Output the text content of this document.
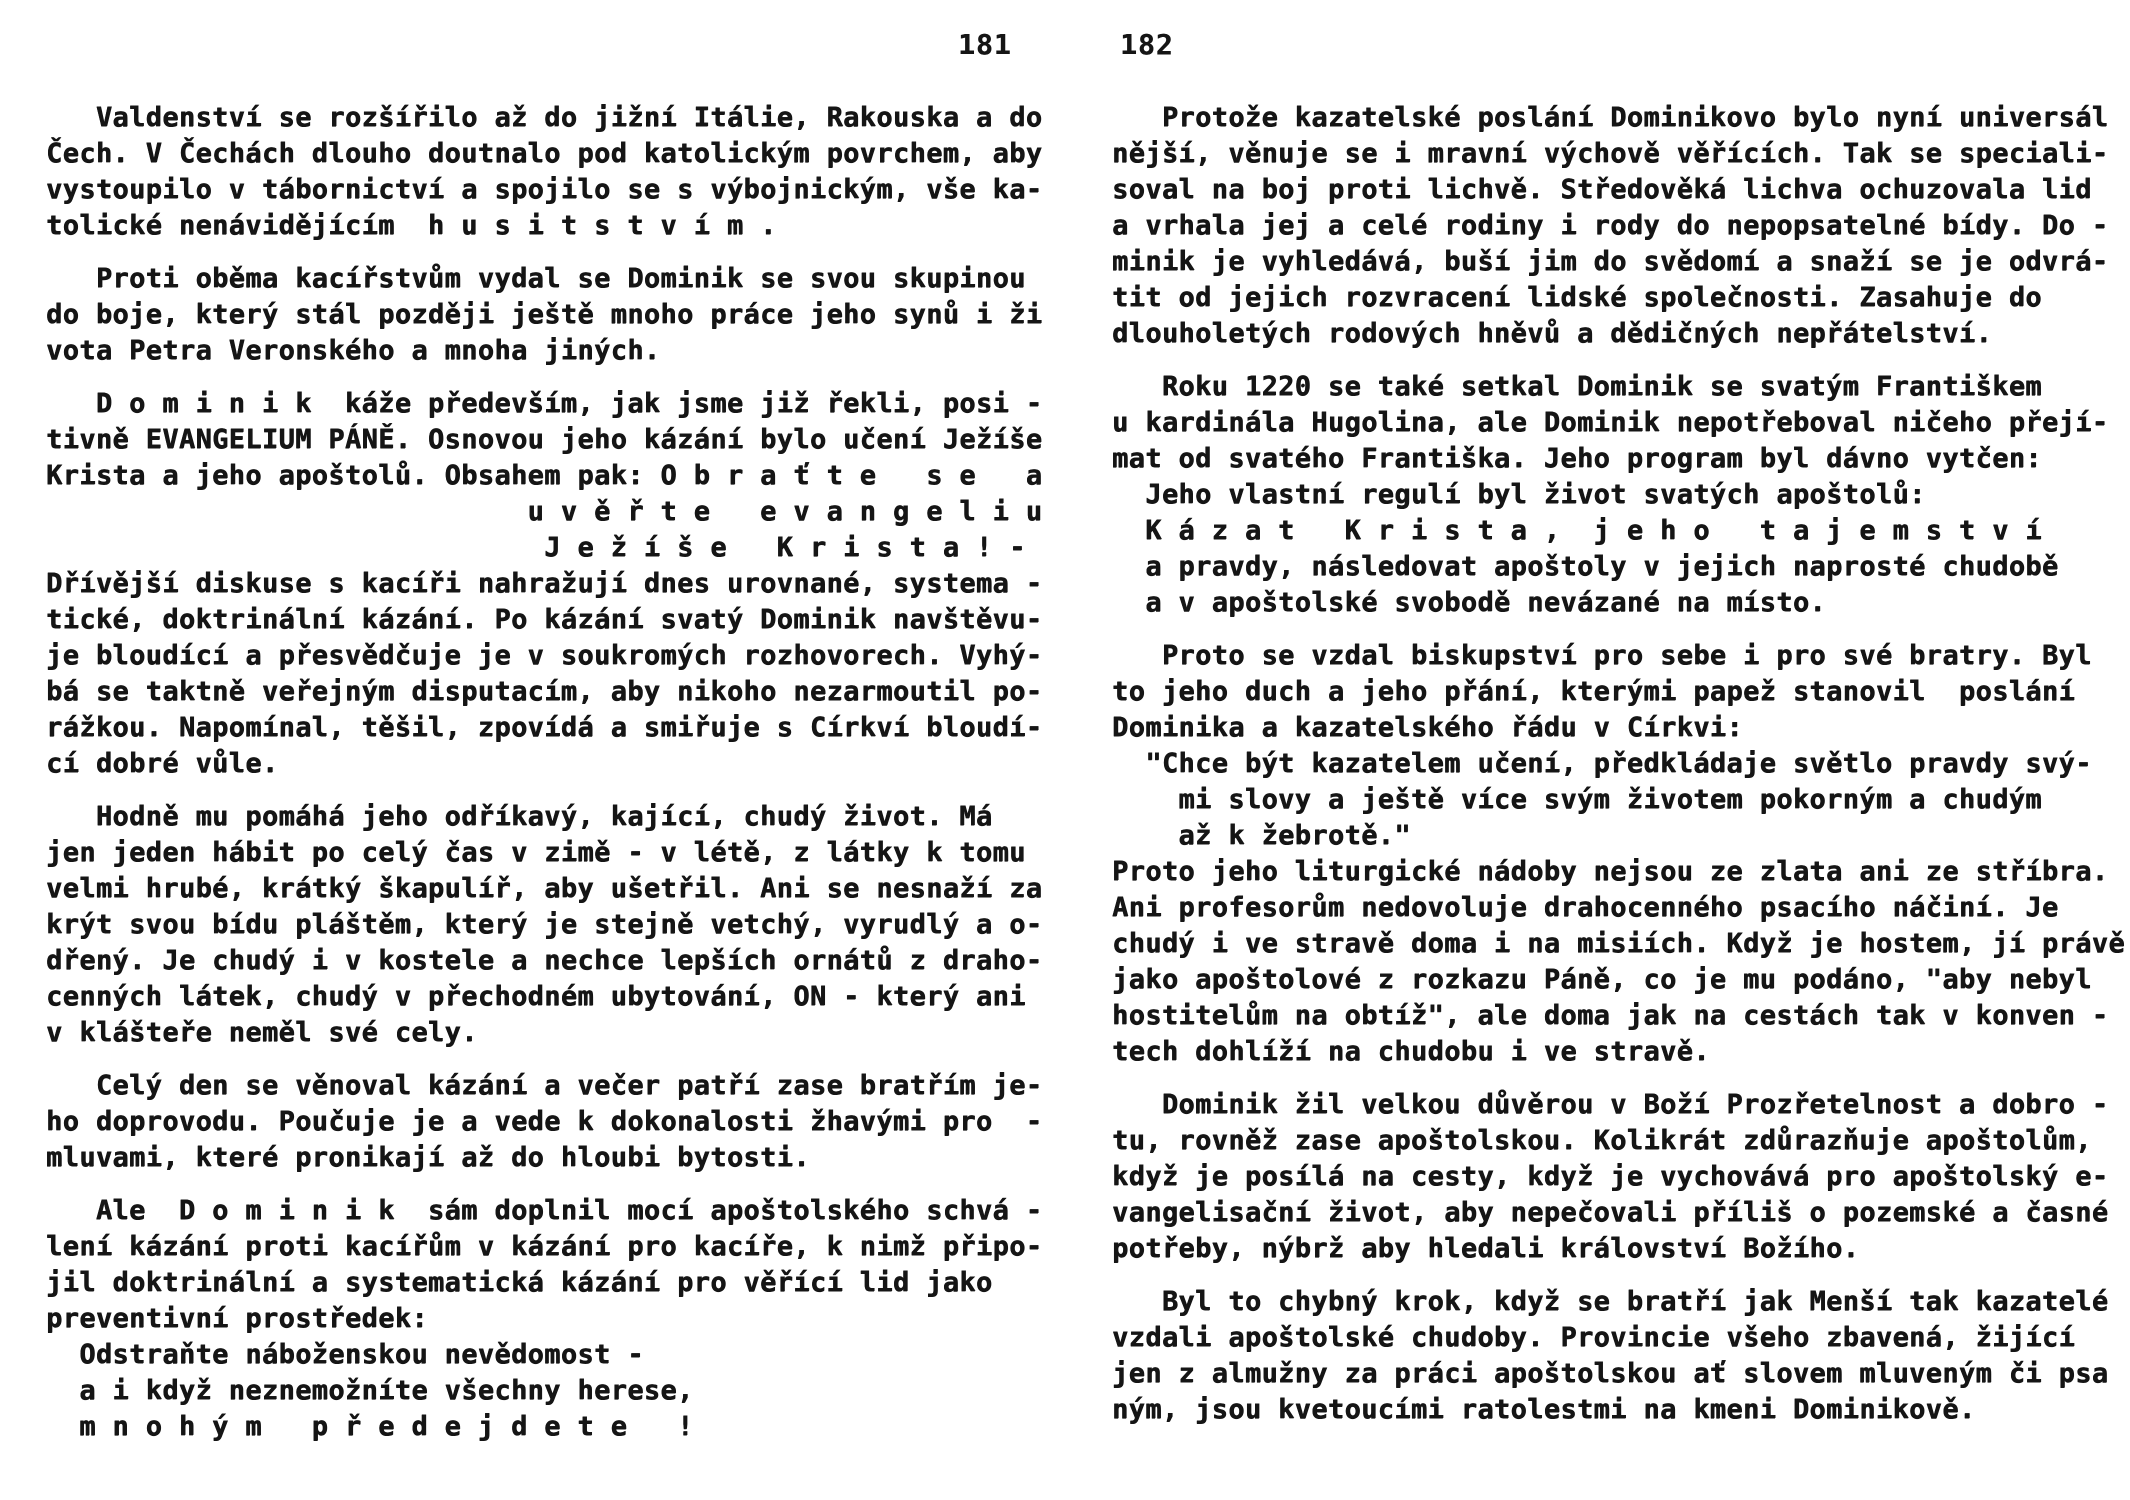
181
Valdenství se rozšířilo až do jižní Itálie, Rakouska a do
Čech. V Čechách dlouho doutnalo pod katolickým povrchem, aby
vystoupilo v tábornictví a spojilo se s výbojnickým, vše ka-
tolické nenávidějícím  h u s i t s t v í m .
Proti oběma kacířstvům vydal se Dominik se svou skupinou
do boje, který stál později ještě mnoho práce jeho synů i ži
vota Petra Veronského a mnoha jiných.
D o m i n i k  káže především, jak jsme již řekli, posi -
tivně EVANGELIUM PÁNĚ. Osnovou jeho kázání bylo učení Ježíše
Krista a jeho apoštolů. Obsahem pak: O b r a ť t e   s e   a
u v ě ř t e   e v a n g e l i u
J e ž í š e   K r i s t a ! -
Dřívější diskuse s kacíři nahražují dnes urovnané, systema -
tické, doktrinální kázání. Po kázání svatý Dominik navštěvu-
je bloudící a přesvědčuje je v soukromých rozhovorech. Vyhý-
bá se taktně veřejným disputacím, aby nikoho nezarmoutil po-
rážkou. Napomínal, těšil, zpovídá a smiřuje s Církví bloudí-
cí dobré vůle.
Hodně mu pomáhá jeho odříkavý, kající, chudý život. Má
jen jeden hábit po celý čas v zimě - v létě, z látky k tomu
velmi hrubé, krátký škapulíř, aby ušetřil. Ani se nesnaží za
krýt svou bídu pláštěm, který je stejně vetchý, vyrudlý a o-
dřený. Je chudý i v kostele a nechce lepších ornátů z draho-
cenných látek, chudý v přechodném ubytování, ON - který ani
v klášteře neměl své cely.
Celý den se věnoval kázání a večer patří zase bratřím je-
ho doprovodu. Poučuje je a vede k dokonalosti žhavými pro  -
mluvami, které pronikají až do hloubi bytosti.
Ale  D o m i n i k  sám doplnil mocí apoštolského schvá -
lení kázání proti kacířům v kázání pro kacíře, k nimž připo-
jil doktrinální a systematická kázání pro věřící lid jako
preventivní prostředek:
Odstraňte náboženskou nevědomost -
a i když neznemožníte všechny herese,
m n o h ý m   p ř e d e j d e t e   !
182
Protože kazatelské poslání Dominikovo bylo nyní universál
nější, věnuje se i mravní výchově věřících. Tak se speciali-
soval na boj proti lichvě. Středověká lichva ochuzovala lid
a vrhala jej a celé rodiny i rody do nepopsatelné bídy. Do -
minik je vyhledává, buší jim do svědomí a snaží se je odvrá-
tit od jejich rozvracení lidské společnosti. Zasahuje do
dlouholetých rodových hněvů a dědičných nepřátelství.
Roku 1220 se také setkal Dominik se svatým Františkem
u kardinála Hugolina, ale Dominik nepotřeboval ničeho přejí-
mat od svatého Františka. Jeho program byl dávno vytčen:
Jeho vlastní regulí byl život svatých apoštolů:
K á z a t   K r i s t a ,  j e h o   t a j e m s t v í
a pravdy, následovat apoštoly v jejich naprosté chudobě
a v apoštolské svobodě nevázané na místo.
Proto se vzdal biskupství pro sebe i pro své bratry. Byl
to jeho duch a jeho přání, kterými papež stanovil  poslání
Dominika a kazatelského řádu v Církvi:
"Chce být kazatelem učení, předkládaje světlo pravdy svý-
mi slovy a ještě více svým životem pokorným a chudým
až k žebrotě."
Proto jeho liturgické nádoby nejsou ze zlata ani ze stříbra.
Ani profesorům nedovoluje drahocenného psacího náčiní. Je
chudý i ve stravě doma i na misiích. Když je hostem, jí právě
jako apoštolové z rozkazu Páně, co je mu podáno, "aby nebyl
hostitelům na obtíž", ale doma jak na cestách tak v konven -
tech dohlíží na chudobu i ve stravě.
Dominik žil velkou důvěrou v Boží Prozřetelnost a dobro -
tu, rovněž zase apoštolskou. Kolikrát zdůrazňuje apoštolům,
když je posílá na cesty, když je vychovává pro apoštolský e-
vangelisační život, aby nepečovali příliš o pozemské a časné
potřeby, nýbrž aby hledali království Božího.
Byl to chybný krok, když se bratří jak Menší tak kazatelé
vzdali apoštolské chudoby. Provincie všeho zbavená, žijící
jen z almužny za práci apoštolskou ať slovem mluveným či psa
ným, jsou kvetoucími ratolestmi na kmeni Dominikově.
